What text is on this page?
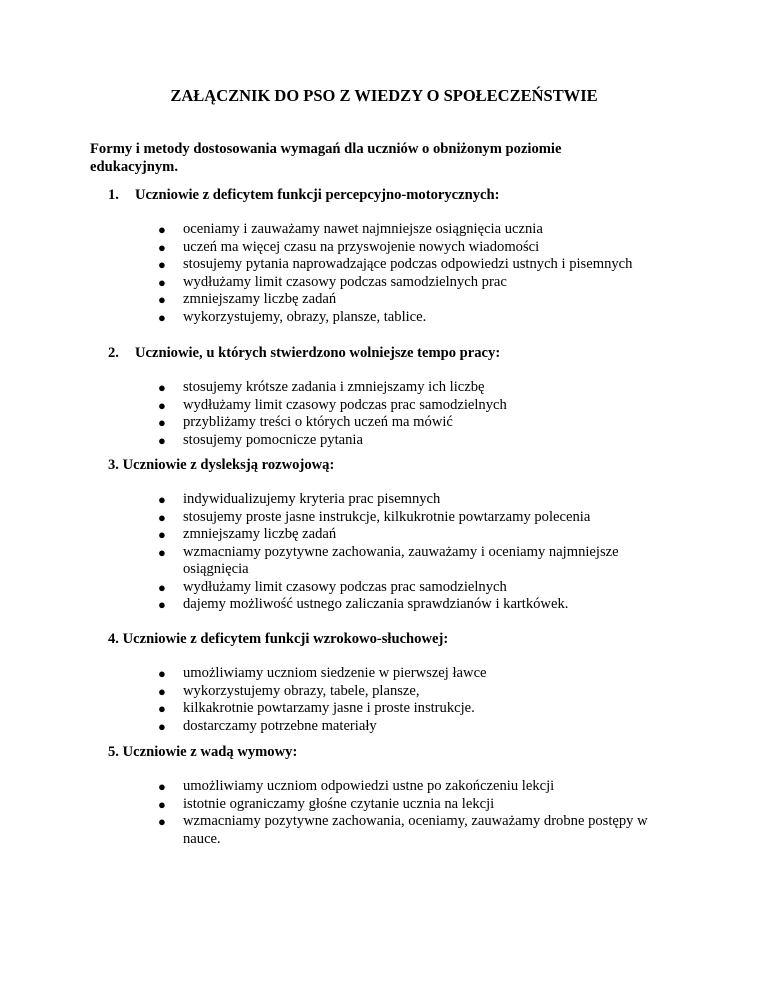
ZAŁĄCZNIK DO PSO Z WIEDZY O SPOŁECZEŃSTWIE

Formy i metody dostosowania wymagań dla uczniów o obniżonym poziomie edukacyjnym.

1. Uczniowie z deficytem funkcji percepcyjno-motorycznych:

● oceniamy i zauważamy nawet najmniejsze osiągnięcia ucznia
● uczeń ma więcej czasu na przyswojenie nowych wiadomości
● stosujemy pytania naprowadzające podczas odpowiedzi ustnych i pisemnych
● wydłużamy limit czasowy podczas samodzielnych prac
● zmniejszamy liczbę zadań
● wykorzystujemy, obrazy, plansze, tablice.

2. Uczniowie, u których stwierdzono wolniejsze tempo pracy:

● stosujemy krótsze zadania i zmniejszamy ich liczbę
● wydłużamy limit czasowy podczas prac samodzielnych
● przybliżamy treści o których uczeń ma mówić
● stosujemy pomocnicze pytania

3. Uczniowie z dysleksją rozwojową:

● indywidualizujemy kryteria prac pisemnych
● stosujemy proste jasne instrukcje, kilkukrotnie powtarzamy polecenia
● zmniejszamy liczbę zadań
● wzmacniamy pozytywne zachowania, zauważamy i oceniamy najmniejsze osiągnięcia
● wydłużamy limit czasowy podczas prac samodzielnych
● dajemy możliwość ustnego zaliczania sprawdzianów i kartkówek.

4. Uczniowie z deficytem funkcji wzrokowo-słuchowej:

● umożliwiamy uczniom siedzenie w pierwszej ławce
● wykorzystujemy obrazy, tabele, plansze,
● kilkakrotnie powtarzamy jasne i proste instrukcje.
● dostarczamy potrzebne materiały

5. Uczniowie z wadą wymowy:

● umożliwiamy uczniom odpowiedzi ustne po zakończeniu lekcji
● istotnie ograniczamy głośne czytanie ucznia na lekcji
● wzmacniamy pozytywne zachowania, oceniamy, zauważamy drobne postępy w nauce.
